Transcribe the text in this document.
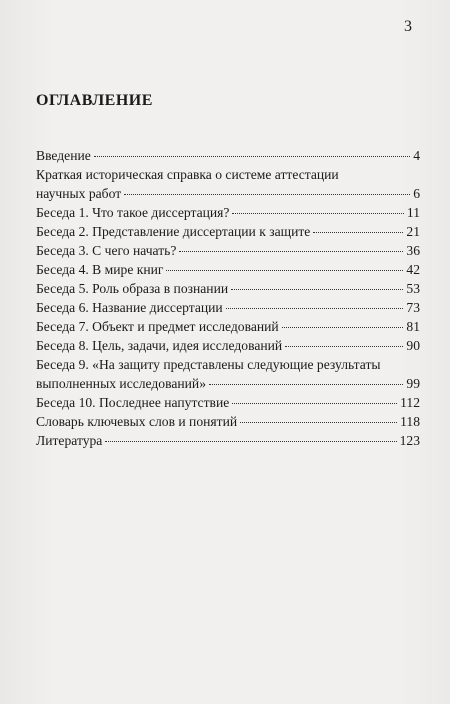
3
ОГЛАВЛЕНИЕ
Введение	4
Краткая историческая справка о системе аттестации
научных работ	6
Беседа 1. Что такое диссертация?	11
Беседа 2. Представление диссертации к защите	21
Беседа 3. С чего начать?	36
Беседа 4. В мире книг	42
Беседа 5. Роль образа в познании	53
Беседа 6. Название диссертации	73
Беседа 7. Объект и предмет исследований	81
Беседа 8. Цель, задачи, идея исследований	90
Беседа 9. «На защиту представлены следующие результаты
выполненных исследований»	99
Беседа 10. Последнее напутствие	112
Словарь ключевых слов и понятий	118
Литература	123
